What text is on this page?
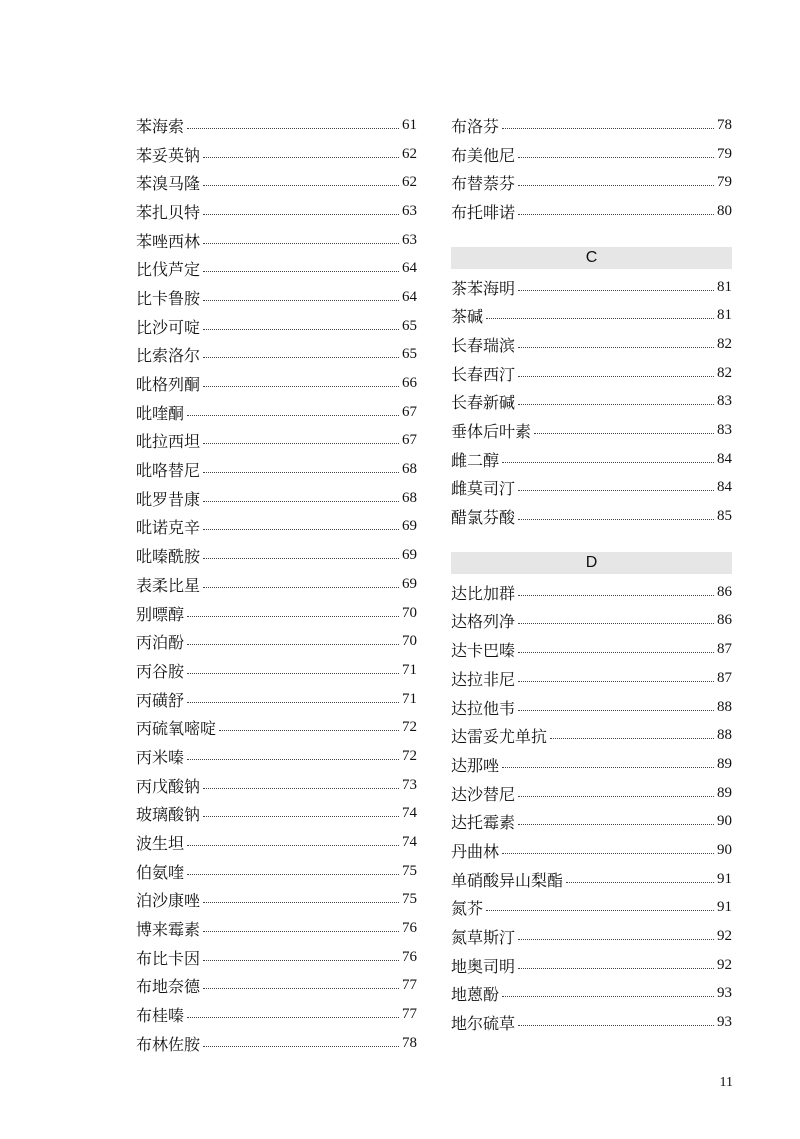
苯海索	61
苯妥英钠	62
苯溴马隆	62
苯扎贝特	63
苯唑西林	63
比伐芦定	64
比卡鲁胺	64
比沙可啶	65
比索洛尔	65
吡格列酮	66
吡喹酮	67
吡拉西坦	67
吡咯替尼	68
吡罗昔康	68
吡诺克辛	69
吡嗪酰胺	69
表柔比星	69
别嘌醇	70
丙泊酚	70
丙谷胺	71
丙磺舒	71
丙硫氧嘧啶	72
丙米嗪	72
丙戊酸钠	73
玻璃酸钠	74
波生坦	74
伯氨喹	75
泊沙康唑	75
博来霉素	76
布比卡因	76
布地奈德	77
布桂嗪	77
布林佐胺	78
布洛芬	78
布美他尼	79
布替萘芬	79
布托啡诺	80
C
茶苯海明	81
茶碱	81
长春瑞滨	82
长春西汀	82
长春新碱	83
垂体后叶素	83
雌二醇	84
雌莫司汀	84
醋氯芬酸	85
D
达比加群	86
达格列净	86
达卡巴嗪	87
达拉非尼	87
达拉他韦	88
达雷妥尤单抗	88
达那唑	89
达沙替尼	89
达托霉素	90
丹曲林	90
单硝酸异山梨酯	91
氮芥	91
氮草斯汀	92
地奥司明	92
地蒽酚	93
地尔硫草	93
11
